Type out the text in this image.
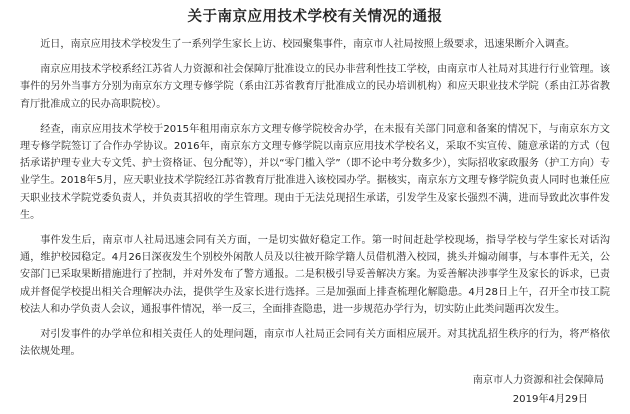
关于南京应用技术学校有关情况的通报

近日，南京应用技术学校发生了一系列学生家长上访、校园聚集事件，南京市人社局按照上级要求，迅速果断介入调查。

南京应用技术学校系经江苏省人力资源和社会保障厅批准设立的民办非营利性技工学校，由南京市人社局对其进行行业管理。该事件的另外当事方分别为南京东方文理专修学院（系由江苏省教育厅批准成立的民办培训机构）和应天职业技术学院（系由江苏省教育厅批准成立的民办高职院校）。

经查，南京应用技术学校于2015年租用南京东方文理专修学院校舍办学，在未报有关部门同意和备案的情况下，与南京东方文理专修学院签订了合作办学协议。2016年，南京东方文理专修学院以南京应用技术学校名义，采取不实宣传、随意承诺的方式（包括承诺护理专业大专文凭、护士资格证、包分配等），并以“零门槛入学”（即不论中考分数多少），实际招收家政服务（护工方向）专业学生。2018年5月，应天职业技术学院经江苏省教育厅批准进入该校园办学。据核实，南京东方文理专修学院负责人同时也兼任应天职业技术学院党委负责人，并负责其招收的学生管理。现由于无法兑现招生承诺，引发学生及家长强烈不满，进而导致此次事件发生。

事件发生后，南京市人社局迅速会同有关方面，一是切实做好稳定工作。第一时间赶赴学校现场，指导学校与学生家长对话沟通，维护校园稳定。4月26日深夜发生个别校外闲散人员及以往被开除学籍人员借机潜入校园，挑头并煽动闹事，与本事件无关，公安部门已采取果断措施进行了控制，并对外发布了警方通报。二是积极引导妥善解决方案。为妥善解决涉事学生及家长的诉求，已责成并督促学校提出相关合理解决办法，提供学生及家长进行选择。三是加强面上排查梳理化解隐患。4月28日上午，召开全市技工院校法人和办学负责人会议，通报事件情况，举一反三，全面排查隐患，进一步规范办学行为，切实防止此类问题再次发生。

对引发事件的办学单位和相关责任人的处理问题，南京市人社局正会同有关方面相应展开。对其扰乱招生秩序的行为，将严格依法依规处理。

南京市人力资源和社会保障局
2019年4月29日
